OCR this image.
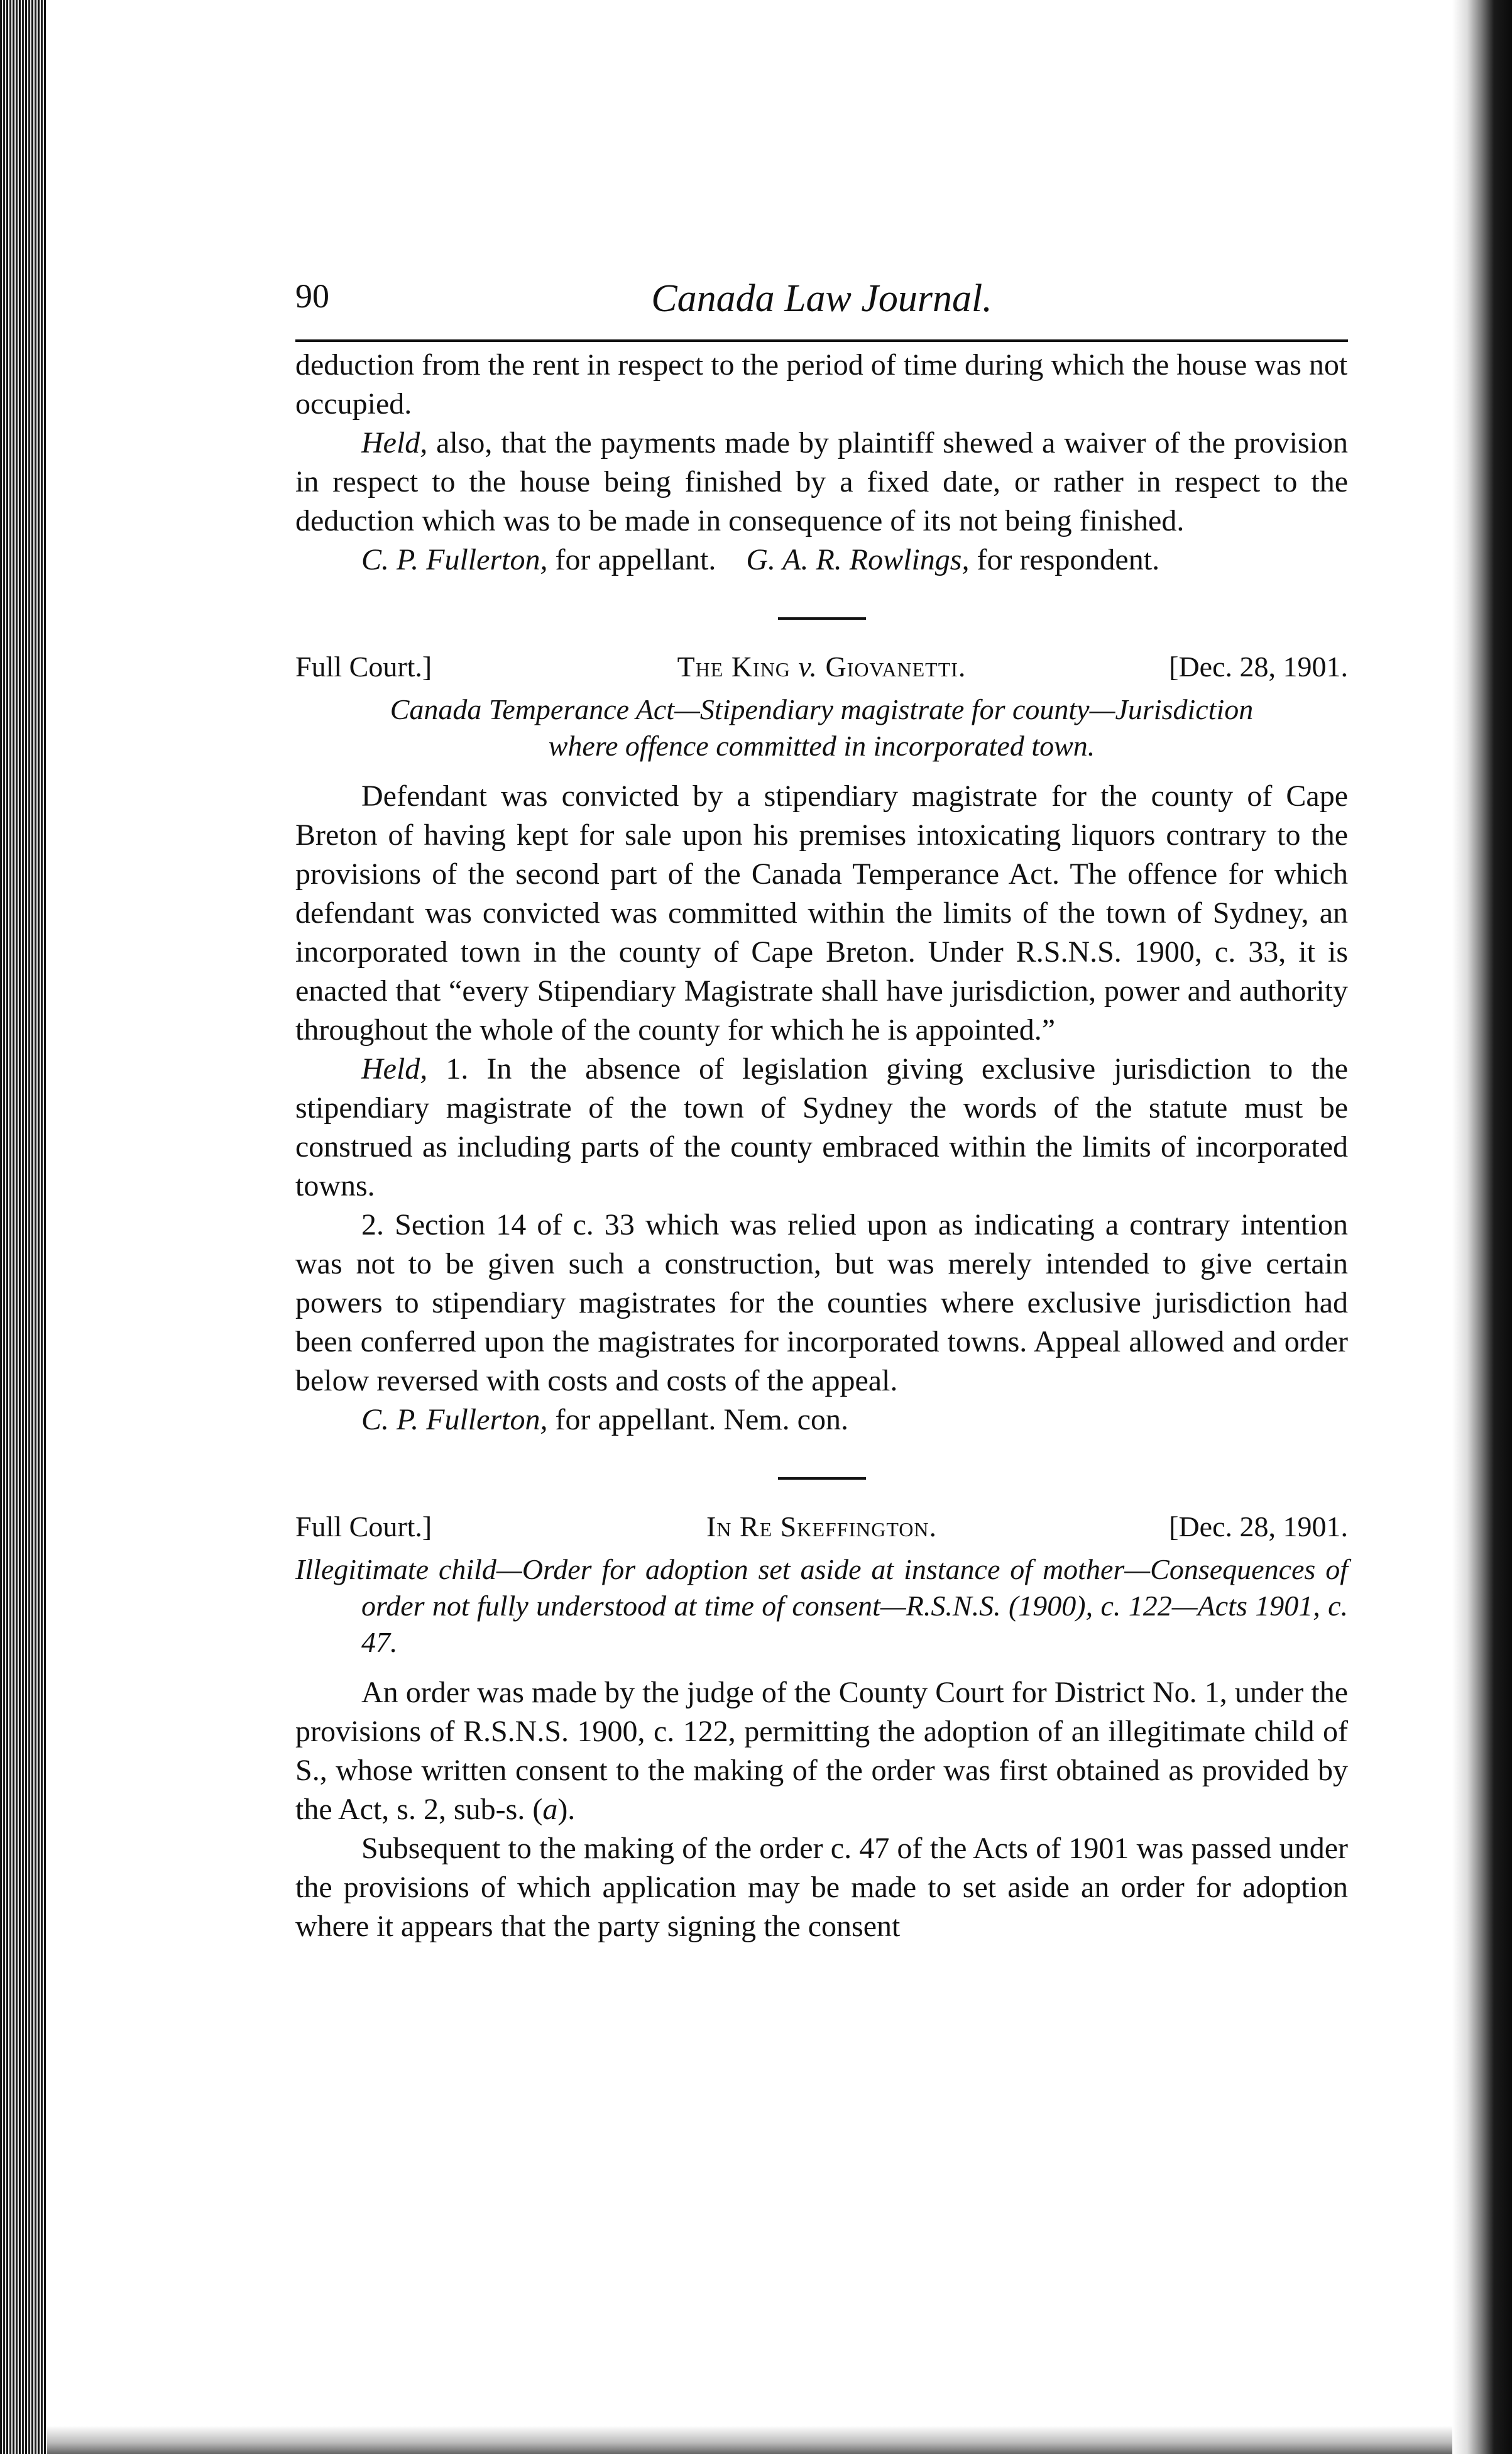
90	Canada Law Journal.

deduction from the rent in respect to the period of time during which the house was not occupied.

Held, also, that the payments made by plaintiff shewed a waiver of the provision in respect to the house being finished by a fixed date, or rather in respect to the deduction which was to be made in consequence of its not being finished.

C. P. Fullerton, for appellant. G. A. R. Rowlings, for respondent.
Full Court.]	The King v. Giovanetti.	[Dec. 28, 1901.
Canada Temperance Act—Stipendiary magistrate for county—Jurisdiction
where offence committed in incorporated town.

Defendant was convicted by a stipendiary magistrate for the county of Cape Breton of having kept for sale upon his premises intoxicating liquors contrary to the provisions of the second part of the Canada Temperance Act. The offence for which defendant was convicted was committed within the limits of the town of Sydney, an incorporated town in the county of Cape Breton. Under R.S.N.S. 1900, c. 33, it is enacted that “every Stipendiary Magistrate shall have jurisdiction, power and authority throughout the whole of the county for which he is appointed.”

Held, 1. In the absence of legislation giving exclusive jurisdiction to the stipendiary magistrate of the town of Sydney the words of the statute must be construed as including parts of the county embraced within the limits of incorporated towns.

2. Section 14 of c. 33 which was relied upon as indicating a contrary intention was not to be given such a construction, but was merely intended to give certain powers to stipendiary magistrates for the counties where exclusive jurisdiction had been conferred upon the magistrates for incorporated towns. Appeal allowed and order below reversed with costs and costs of the appeal.

C. P. Fullerton, for appellant. Nem. con.
Full Court.]	In Re Skeffington.	[Dec. 28, 1901.
Illegitimate child—Order for adoption set aside at instance of mother—Consequences of order not fully understood at time of consent—R.S.N.S. (1900), c. 122—Acts 1901, c. 47.

An order was made by the judge of the County Court for District No. 1, under the provisions of R.S.N.S. 1900, c. 122, permitting the adoption of an illegitimate child of S., whose written consent to the making of the order was first obtained as provided by the Act, s. 2, sub-s. (a).

Subsequent to the making of the order c. 47 of the Acts of 1901 was passed under the provisions of which application may be made to set aside an order for adoption where it appears that the party signing the consent
